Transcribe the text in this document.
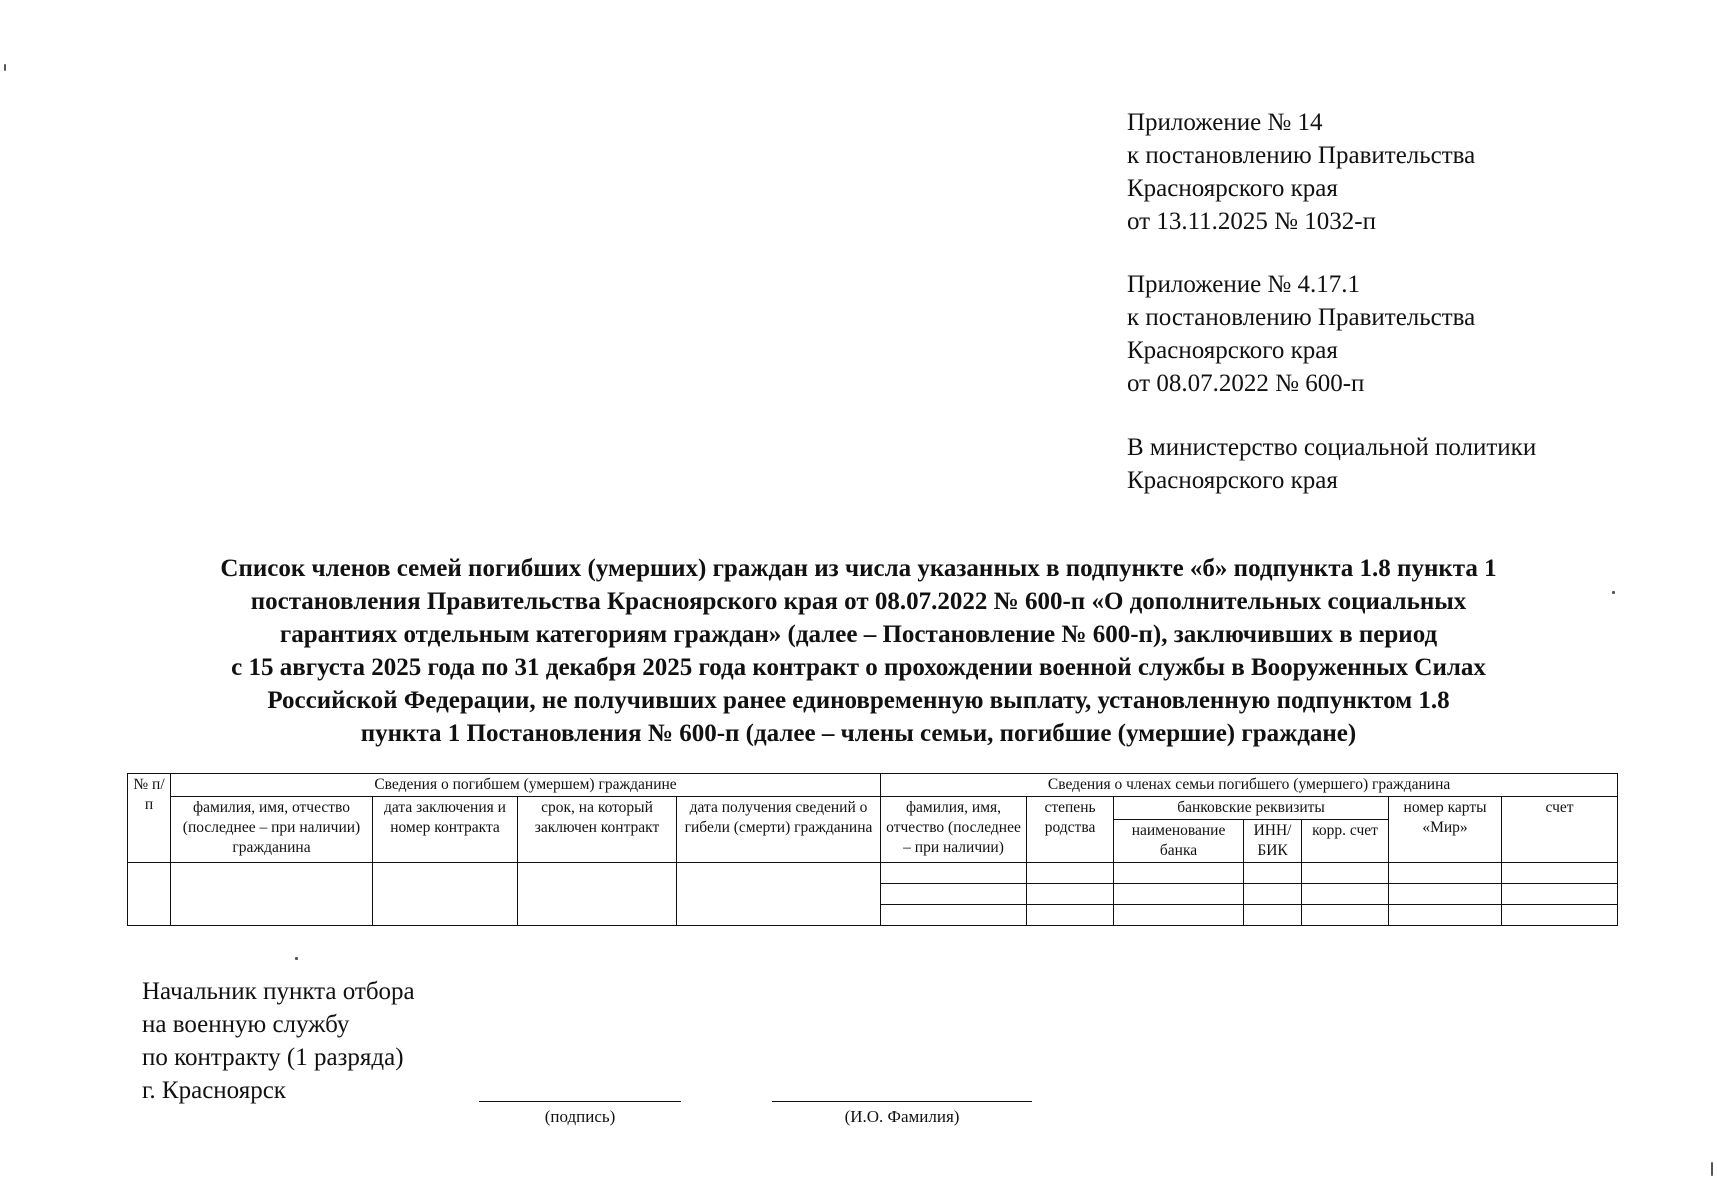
Приложение № 14
к постановлению Правительства
Красноярского края
от 13.11.2025 № 1032-п
Приложение № 4.17.1
к постановлению Правительства
Красноярского края
от 08.07.2022 № 600-п
В министерство социальной политики
Красноярского края
Список членов семей погибших (умерших) граждан из числа указанных в подпункте «б» подпункта 1.8 пункта 1
постановления Правительства Красноярского края от 08.07.2022 № 600-п «О дополнительных социальных
гарантиях отдельным категориям граждан» (далее – Постановление № 600-п), заключивших в период
с 15 августа 2025 года по 31 декабря 2025 года контракт о прохождении военной службы в Вооруженных Силах
Российской Федерации, не получивших ранее единовременную выплату, установленную подпунктом 1.8
пункта 1 Постановления № 600-п (далее – члены семьи, погибшие (умершие) граждане)
№ п/п	Сведения о погибшем (умершем) гражданине				Сведения о членах семьи погибшего (умершего) гражданина						
	фамилия, имя, отчество (последнее – при наличии) гражданина	дата заключения и номер контракта	срок, на который заключен контракт	дата получения сведений о гибели (смерти) гражданина	фамилия, имя, отчество (последнее – при наличии)	степень родства	банковские реквизиты			номер карты «Мир»	счет
							наименование банка	ИНН/ БИК	корр. счет		

Начальник пункта отбора
на военную службу
по контракту (1 разряда)
г. Красноярск
(подпись)	(И.О. Фамилия)
